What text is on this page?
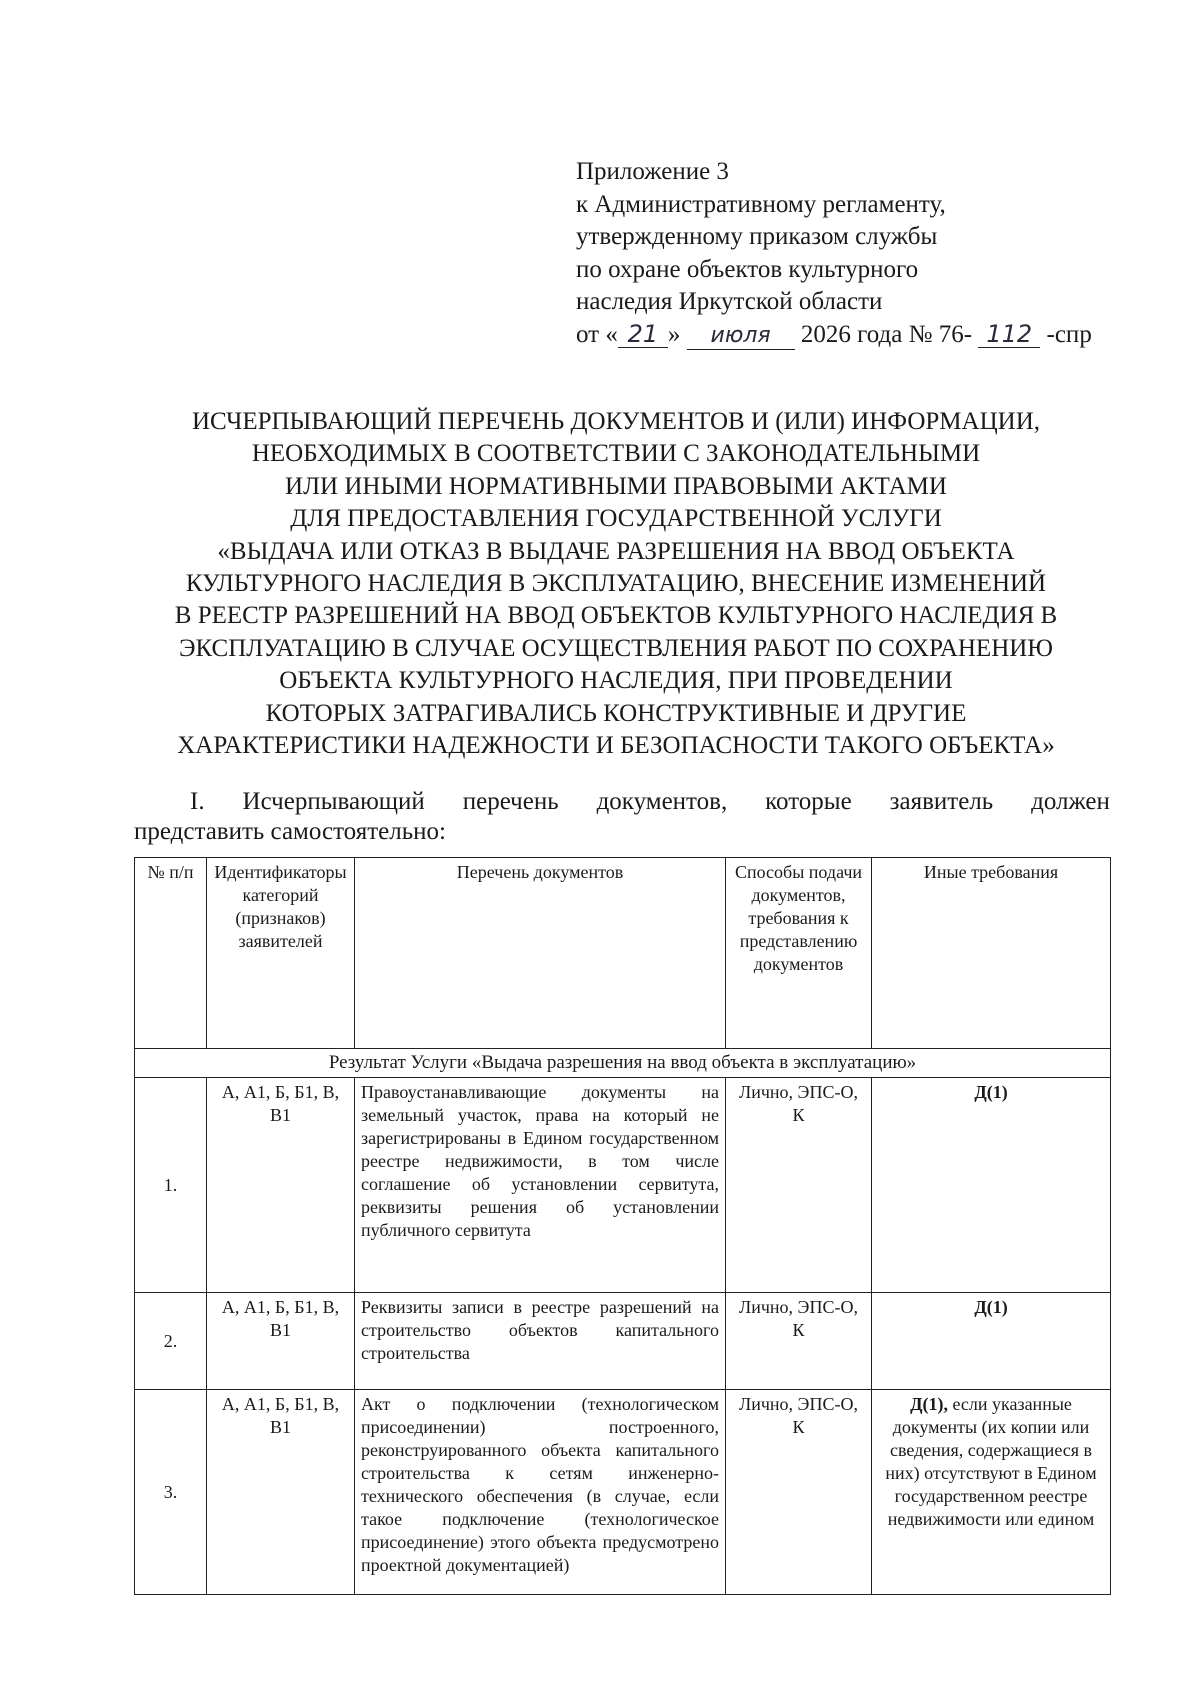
Приложение 3
к Административному регламенту,
утвержденному приказом службы
по охране объектов культурного
наследия Иркутской области
от « 21 » июля 2026 года № 76- 112 -спр
ИСЧЕРПЫВАЮЩИЙ ПЕРЕЧЕНЬ ДОКУМЕНТОВ И (ИЛИ) ИНФОРМАЦИИ,
НЕОБХОДИМЫХ В СООТВЕТСТВИИ С ЗАКОНОДАТЕЛЬНЫМИ
ИЛИ ИНЫМИ НОРМАТИВНЫМИ ПРАВОВЫМИ АКТАМИ
ДЛЯ ПРЕДОСТАВЛЕНИЯ ГОСУДАРСТВЕННОЙ УСЛУГИ
«ВЫДАЧА ИЛИ ОТКАЗ В ВЫДАЧЕ РАЗРЕШЕНИЯ НА ВВОД ОБЪЕКТА
КУЛЬТУРНОГО НАСЛЕДИЯ В ЭКСПЛУАТАЦИЮ, ВНЕСЕНИЕ ИЗМЕНЕНИЙ
В РЕЕСТР РАЗРЕШЕНИЙ НА ВВОД ОБЪЕКТОВ КУЛЬТУРНОГО НАСЛЕДИЯ В
ЭКСПЛУАТАЦИЮ В СЛУЧАЕ ОСУЩЕСТВЛЕНИЯ РАБОТ ПО СОХРАНЕНИЮ
ОБЪЕКТА КУЛЬТУРНОГО НАСЛЕДИЯ, ПРИ ПРОВЕДЕНИИ
КОТОРЫХ ЗАТРАГИВАЛИСЬ КОНСТРУКТИВНЫЕ И ДРУГИЕ
ХАРАКТЕРИСТИКИ НАДЕЖНОСТИ И БЕЗОПАСНОСТИ ТАКОГО ОБЪЕКТА»
I. Исчерпывающий перечень документов, которые заявитель должен
представить самостоятельно:
№ п/п	Идентификаторы категорий (признаков) заявителей	Перечень документов	Способы подачи документов, требования к представлению документов	Иные требования
Результат Услуги «Выдача разрешения на ввод объекта в эксплуатацию»				
1.	А, А1, Б, Б1, В, В1	Правоустанавливающие документы на земельный участок, права на который не зарегистрированы в Едином государственном реестре недвижимости, в том числе соглашение об установлении сервитута, реквизиты решения об установлении публичного сервитута	Лично, ЭПС-О, К	Д(1)
2.	А, А1, Б, Б1, В, В1	Реквизиты записи в реестре разрешений на строительство объектов капитального строительства	Лично, ЭПС-О, К	Д(1)
3.	А, А1, Б, Б1, В, В1	Акт о подключении (технологическом присоединении) построенного, реконструированного объекта капитального строительства к сетям инженерно-технического обеспечения (в случае, если такое подключение (технологическое присоединение) этого объекта предусмотрено проектной документацией)	Лично, ЭПС-О, К	Д(1), если указанные документы (их копии или сведения, содержащиеся в них) отсутствуют в Едином государственном реестре недвижимости или едином
